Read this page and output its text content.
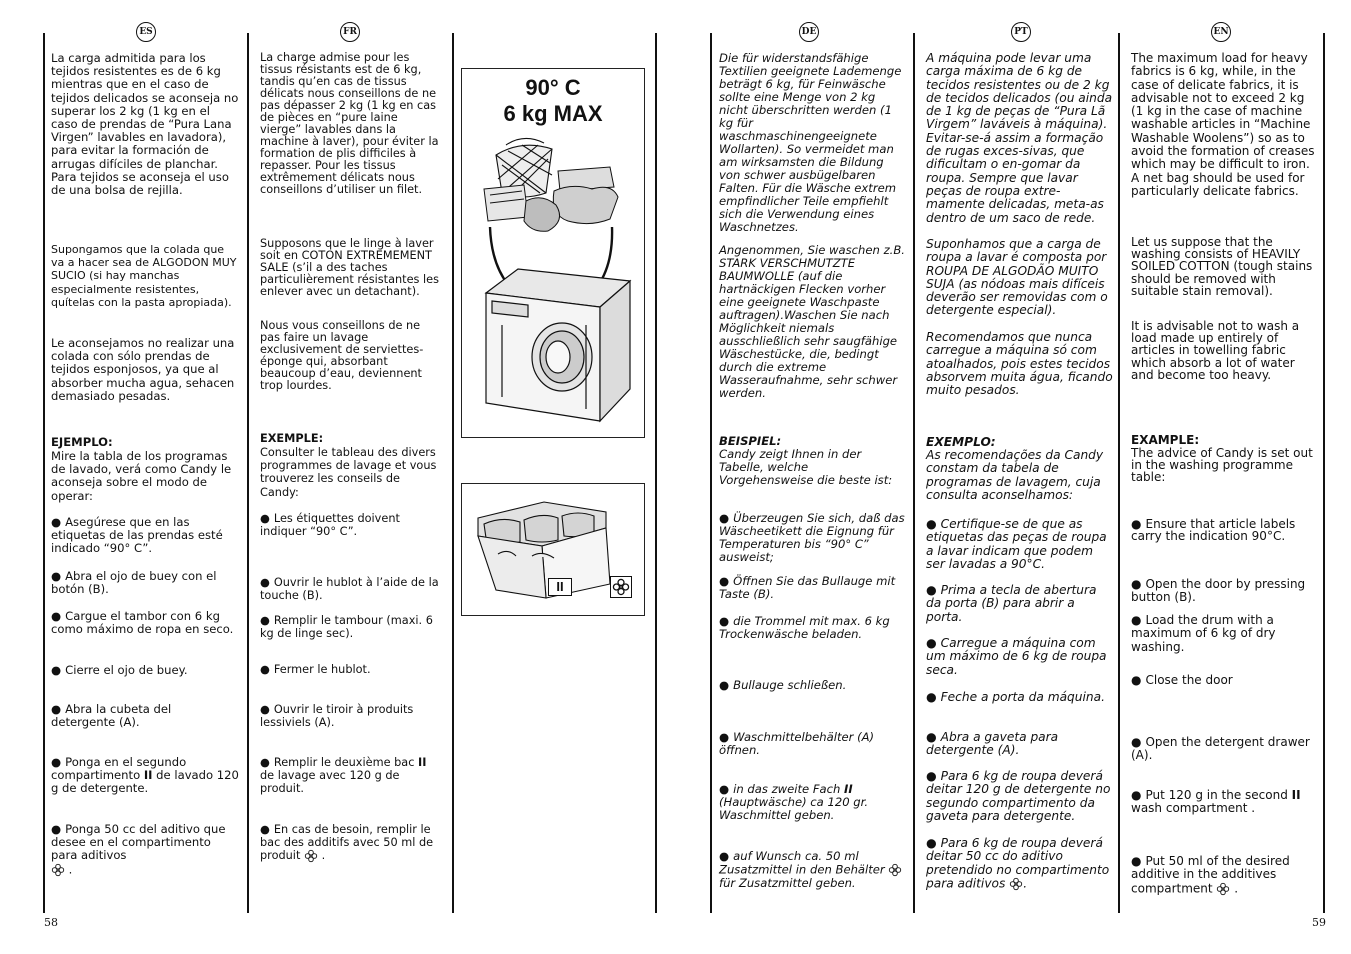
ES	FR	DE	PT	EN

La carga admitida para los tejidos resistentes es de 6 kg mientras que en el caso de tejidos delicados se aconseja no superar los 2 kg (1 kg en el caso de prendas de “Pura Lana Virgen” lavables en lavadora), para evitar la formación de arrugas difíciles de planchar. Para tejidos se aconseja el uso de una bolsa de rejilla.

Supongamos que la colada que va a hacer sea de ALGODON MUY SUCIO (si hay manchas especialmente resistentes, quítelas con la pasta apropiada).

Le aconsejamos no realizar una colada con sólo prendas de tejidos esponjosos, ya que al absorber mucha agua, sehacen demasiado pesadas.

EJEMPLO:

Mire la tabla de los programas de lavado, verá como Candy le aconseja sobre el modo de operar:

● Asegúrese que en las etiquetas de las prendas esté indicado “90° C”.

● Abra el ojo de buey con el botón (B).

● Cargue el tambor con 6 kg como máximo de ropa en seco.

● Cierre el ojo de buey.

● Abra la cubeta del detergente (A).

● Ponga en el segundo compartimento II de lavado 120 g de detergente.

● Ponga 50 cc del aditivo que desee en el compartimento para aditivos
.

La charge admise pour les tissus résistants est de 6 kg, tandis qu’en cas de tissus délicats nous conseillons de ne pas dépasser 2 kg (1 kg en cas de pièces en “pure laine vierge” lavables dans la machine à laver), pour éviter la formation de plis difficiles à repasser. Pour les tissus extrêmement délicats nous conseillons d’utiliser un filet.

Supposons que le linge à laver soit en COTON EXTREMEMENT SALE (s’il a des taches particulièrement résistantes les enlever avec un detachant).

Nous vous conseillons de ne pas faire un lavage exclusivement de serviettes-éponge qui, absorbant beaucoup d’eau, deviennent trop lourdes.

EXEMPLE:

Consulter le tableau des divers programmes de lavage et vous trouverez les conseils de Candy:

● Les étiquettes doivent indiquer “90° C”.

● Ouvrir le hublot à l’aide de la touche (B).

● Remplir le tambour (maxi. 6 kg de linge sec).

● Fermer le hublot.

● Ouvrir le tiroir à produits lessiviels (A).

● Remplir le deuxième bac II de lavage avec 120 g de produit.

● En cas de besoin, remplir le bac des additifs avec 50 ml de produit  .

90° C
6 kg MAX
II

Die für widerstandsfähige Textilien geeignete Lademenge beträgt 6 kg, für Feinwäsche sollte eine Menge von 2 kg nicht überschritten werden (1 kg für waschmaschinengeeignete Wollarten). So vermeidet man am wirksamsten die Bildung von schwer ausbügelbaren Falten. Für die Wäsche extrem empfindlicher Teile empfiehlt sich die Verwendung eines Waschnetzes.

Angenommen, Sie waschen z.B. STARK VERSCHMUTZTE BAUMWOLLE (auf die hartnäckigen Flecken vorher eine geeignete Waschpaste auftragen).Waschen Sie nach Möglichkeit niemals ausschließlich sehr saugfähige Wäschestücke, die, bedingt durch die extreme Wasseraufnahme, sehr schwer werden.

BEISPIEL:

Candy zeigt Ihnen in der Tabelle, welche Vorgehensweise die beste ist:

● Überzeugen Sie sich, daß das Wäscheetikett die Eignung für Temperaturen bis “90° C” ausweist;

● Öffnen Sie das Bullauge mit Taste (B).

● die Trommel mit max. 6 kg Trockenwäsche beladen.

● Bullauge schließen.

● Waschmittelbehälter (A) öffnen.

● in das zweite Fach II (Hauptwäsche) ca 120 gr. Waschmittel geben.

● auf Wunsch ca. 50 ml Zusatzmittel in den Behälter  für Zusatzmittel geben.

A máquina pode levar uma carga máxima de 6 kg de tecidos resistentes ou de 2 kg de tecidos delicados (ou ainda de 1 kg de peças de “Pura Lã Virgem” laváveis à máquina). Evitar-se-á assim a formação de rugas exces-sivas, que dificultam o en-gomar da roupa. Sempre que lavar peças de roupa extre-mamente delicadas, meta-as dentro de um saco de rede.

Suponhamos que a carga de roupa a lavar é composta por ROUPA DE ALGODÃO MUITO SUJA (as nódoas mais difíceis deverão ser removidas com o detergente especial).

Recomendamos que nunca carregue a máquina só com atoalhados, pois estes tecidos absorvem muita água, ficando muito pesados.

EXEMPLO:

As recomendações da Candy constam da tabela de programas de lavagem, cuja consulta aconselhamos:

● Certifique-se de que as etiquetas das peças de roupa a lavar indicam que podem ser lavadas a 90°C.

● Prima a tecla de abertura da porta (B) para abrir a porta.

● Carregue a máquina com um máximo de 6 kg de roupa seca.

● Feche a porta da máquina.

● Abra a gaveta para detergente (A).

● Para 6 kg de roupa deverá deitar 120 g de detergente no segundo compartimento da gaveta para detergente.

● Para 6 kg de roupa deverá deitar 50 cc do aditivo pretendido no compartimento para aditivos .

The maximum load for heavy fabrics is 6 kg, while, in the case of delicate fabrics, it is advisable not to exceed 2 kg (1 kg in the case of machine washable articles in “Machine Washable Woolens”) so as to avoid the formation of creases which may be difficult to iron. A net bag should be used for particularly delicate fabrics.

Let us suppose that the washing consists of HEAVILY SOILED COTTON (tough stains should be removed with suitable stain removal).

It is advisable not to wash a load made up entirely of articles in towelling fabric which absorb a lot of water and become too heavy.

EXAMPLE:

The advice of Candy is set out in the washing programme table:

● Ensure that article labels carry the indication 90°C.

● Open the door by pressing button (B).

● Load the drum with a maximum of 6 kg of dry washing.

● Close the door

● Open the detergent drawer (A).

● Put 120 g in the second II wash compartment .

● Put 50 ml of the desired additive in the additives compartment  .

58	59
